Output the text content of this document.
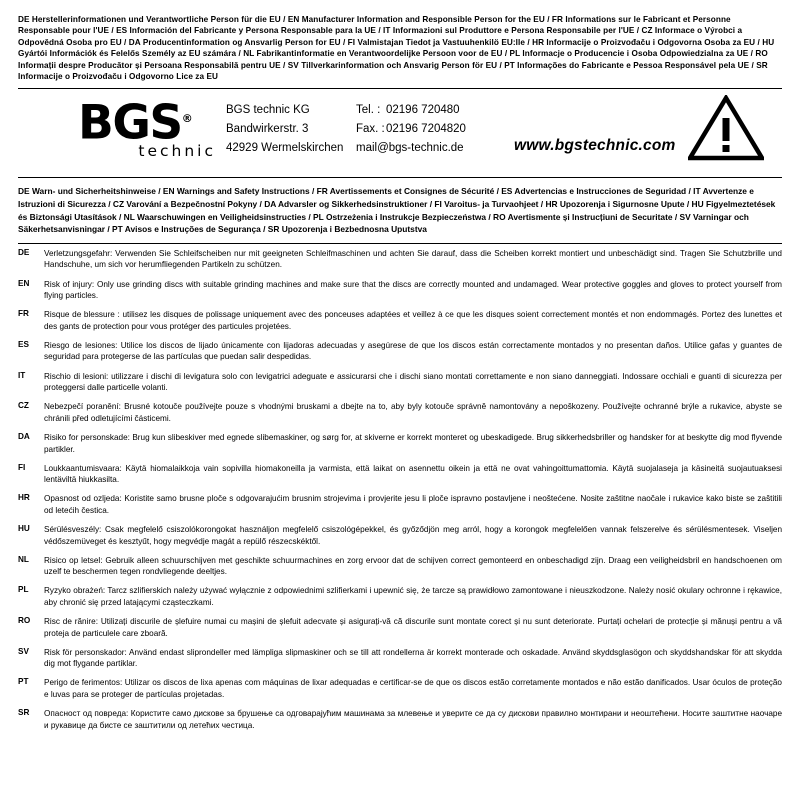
DE Herstellerinformationen und Verantwortliche Person für die EU / EN Manufacturer Information and Responsible Person for the EU / FR Informations sur le Fabricant et Personne Responsable pour l'UE / ES Información del Fabricante y Persona Responsable para la UE / IT Informazioni sul Produttore e Persona Responsabile per l'UE / CZ Informace o Výrobci a Odpovědná Osoba pro EU / DA Producentinformation og Ansvarlig Person for EU / FI Valmistajan Tiedot ja Vastuuhenkilö EU:lle / HR Informacije o Proizvođaču i Odgovorna Osoba za EU / HU Gyártói Információk és Felelős Személy az EU számára / NL Fabrikantinformatie en Verantwoordelijke Persoon voor de EU / PL Informacje o Producencie i Osoba Odpowiedzialna za UE / RO Informații despre Producător și Persoana Responsabilă pentru UE / SV Tillverkarinformation och Ansvarig Person för EU / PT Informações do Fabricante e Pessoa Responsável pela UE / SR Informacije o Proizvođaču i Odgovorno Lice za EU
BGS®
technic
BGS technic KG
Bandwirkerstr. 3
42929 Wermelskirchen
Tel. : 02196 720480
Fax. :02196 7204820
mail@bgs-technic.de	www.bgstechnic.com
DE Warn- und Sicherheitshinweise / EN Warnings and Safety Instructions / FR Avertissements et Consignes de Sécurité / ES Advertencias e Instrucciones de Seguridad / IT Avvertenze e Istruzioni di Sicurezza / CZ Varování a Bezpečnostní Pokyny / DA Advarsler og Sikkerhedsinstruktioner / FI Varoitus- ja Turvaohjeet / HR Upozorenja i Sigurnosne Upute / HU Figyelmeztetések és Biztonsági Utasítások / NL Waarschuwingen en Veiligheidsinstructies / PL Ostrzeżenia i Instrukcje Bezpieczeństwa / RO Avertismente și Instrucțiuni de Securitate / SV Varningar och Säkerhetsanvisningar / PT Avisos e Instruções de Segurança / SR Upozorenja i Bezbednosna Uputstva
DE	Verletzungsgefahr: Verwenden Sie Schleifscheiben nur mit geeigneten Schleifmaschinen und achten Sie darauf, dass die Scheiben korrekt montiert und unbeschädigt sind. Tragen Sie Schutzbrille und Handschuhe, um sich vor herumfliegenden Partikeln zu schützen.
EN	Risk of injury: Only use grinding discs with suitable grinding machines and make sure that the discs are correctly mounted and undamaged. Wear protective goggles and gloves to protect yourself from flying particles.
FR	Risque de blessure : utilisez les disques de polissage uniquement avec des ponceuses adaptées et veillez à ce que les disques soient correctement montés et non endommagés. Portez des lunettes et des gants de protection pour vous protéger des particules projetées.
ES	Riesgo de lesiones: Utilice los discos de lijado únicamente con lijadoras adecuadas y asegúrese de que los discos están correctamente montados y no presentan daños. Utilice gafas y guantes de seguridad para protegerse de las partículas que puedan salir despedidas.
IT	Rischio di lesioni: utilizzare i dischi di levigatura solo con levigatrici adeguate e assicurarsi che i dischi siano montati correttamente e non siano danneggiati. Indossare occhiali e guanti di sicurezza per proteggersi dalle particelle volanti.
CZ	Nebezpečí poranění: Brusné kotouče používejte pouze s vhodnými bruskami a dbejte na to, aby byly kotouče správně namontovány a nepoškozeny. Používejte ochranné brýle a rukavice, abyste se chránili před odletujícími částicemi.
DA	Risiko for personskade: Brug kun slibeskiver med egnede slibemaskiner, og sørg for, at skiverne er korrekt monteret og ubeskadigede. Brug sikkerhedsbriller og handsker for at beskytte dig mod flyvende partikler.
FI	Loukkaantumisvaara: Käytä hiomalaikkoja vain sopivilla hiomakoneilla ja varmista, että laikat on asennettu oikein ja että ne ovat vahingoittumattomia. Käytä suojalaseja ja käsineitä suojautuaksesi lentäviltä hiukkasilta.
HR	Opasnost od ozljeda: Koristite samo brusne ploče s odgovarajućim brusnim strojevima i provjerite jesu li ploče ispravno postavljene i neoštećene. Nosite zaštitne naočale i rukavice kako biste se zaštitili od letećih čestica.
HU	Sérülésveszély: Csak megfelelő csiszolókorongokat használjon megfelelő csiszológépekkel, és győződjön meg arról, hogy a korongok megfelelően vannak felszerelve és sérülésmentesek. Viseljen védőszemüveget és kesztyűt, hogy megvédje magát a repülő részecskéktől.
NL	Risico op letsel: Gebruik alleen schuurschijven met geschikte schuurmachines en zorg ervoor dat de schijven correct gemonteerd en onbeschadigd zijn. Draag een veiligheidsbril en handschoenen om uzelf te beschermen tegen rondvliegende deeltjes.
PL	Ryzyko obrażeń: Tarcz szlifierskich należy używać wyłącznie z odpowiednimi szlifierkami i upewnić się, że tarcze są prawidłowo zamontowane i nieuszkodzone. Należy nosić okulary ochronne i rękawice, aby chronić się przed latającymi cząsteczkami.
RO	Risc de rănire: Utilizați discurile de șlefuire numai cu mașini de șlefuit adecvate și asigurați-vă că discurile sunt montate corect și nu sunt deteriorate. Purtați ochelari de protecție și mănuși pentru a vă proteja de particulele care zboară.
SV	Risk för personskador: Använd endast sliprondeller med lämpliga slipmaskiner och se till att rondellerna är korrekt monterade och oskadade. Använd skyddsglasögon och skyddshandskar för att skydda dig mot flygande partiklar.
PT	Perigo de ferimentos: Utilizar os discos de lixa apenas com máquinas de lixar adequadas e certificar-se de que os discos estão corretamente montados e não estão danificados. Usar óculos de proteção e luvas para se proteger de partículas projetadas.
SR	Опасност од повреда: Користите само дискове за брушење са одговарајућим машинама за млевење и уверите се да су дискови правилно монтирани и неоштећени. Носите заштитне наочаре и рукавице да бисте се заштитили од летећих честица.
